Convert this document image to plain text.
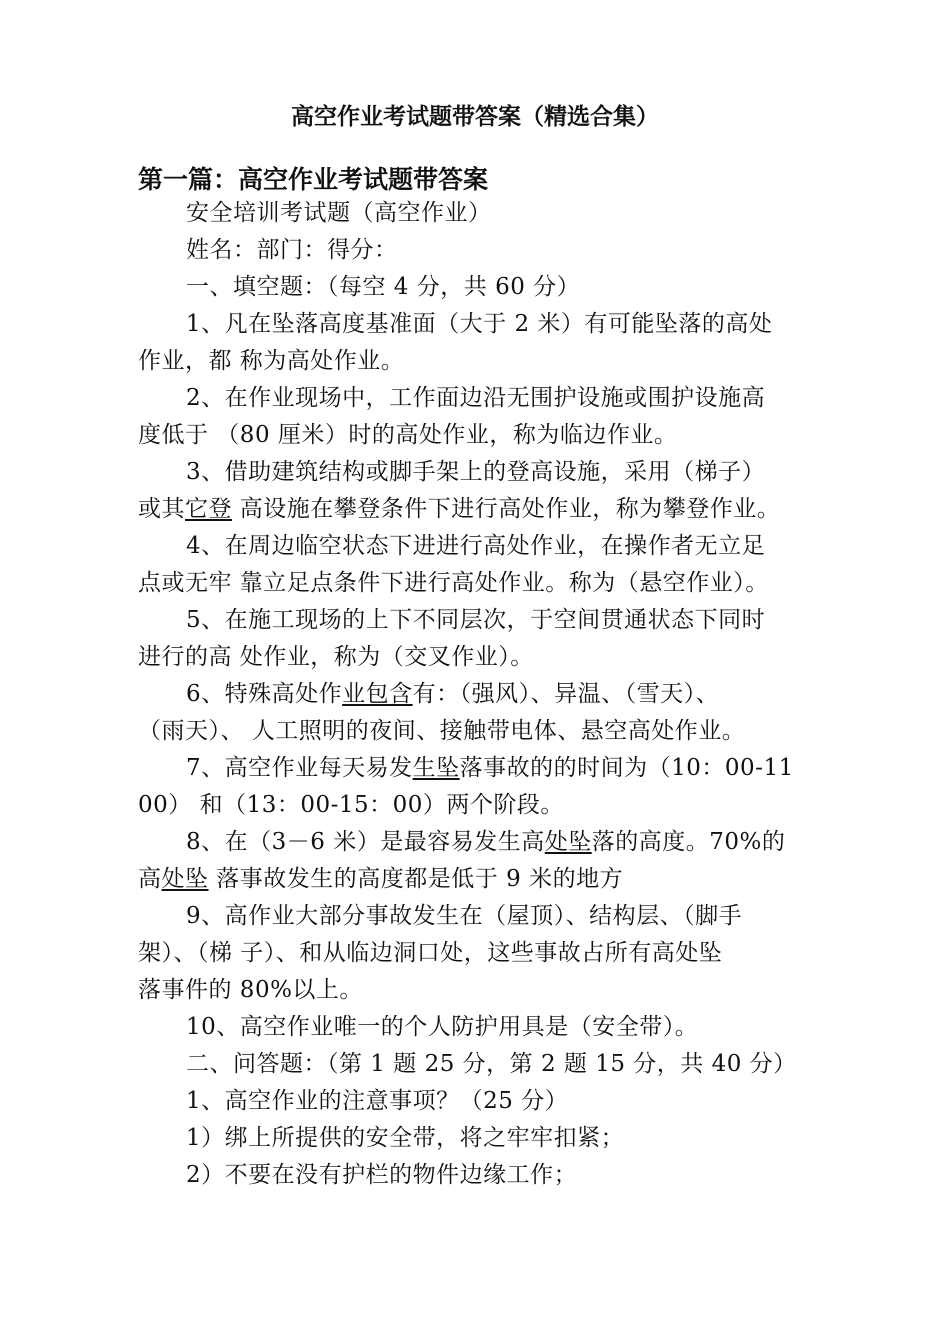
高空作业考试题带答案（精选合集）
第一篇：高空作业考试题带答案
安全培训考试题（高空作业）
姓名：部门：得分：
一、填空题：（每空 4 分，共 60 分）
1、凡在坠落高度基准面（大于 2 米）有可能坠落的高处
作业，都 称为高处作业。
2、在作业现场中，工作面边沿无围护设施或围护设施高
度低于 （80 厘米）时的高处作业，称为临边作业。
3、借助建筑结构或脚手架上的登高设施，采用（梯子）
或其它登 高设施在攀登条件下进行高处作业，称为攀登作业。
4、在周边临空状态下进进行高处作业，在操作者无立足
点或无牢 靠立足点条件下进行高处作业。称为（悬空作业）。
5、在施工现场的上下不同层次，于空间贯通状态下同时
进行的高 处作业，称为（交叉作业）。
6、特殊高处作业包含有：（强风）、异温、（雪天）、
（雨天）、 人工照明的夜间、接触带电体、悬空高处作业。
7、高空作业每天易发生坠落事故的的时间为（10：00-11
00） 和（13：00-15：00）两个阶段。
8、在（3－6 米）是最容易发生高处坠落的高度。70%的
高处坠 落事故发生的高度都是低于 9 米的地方
9、高作业大部分事故发生在（屋顶）、结构层、（脚手
架）、（梯 子）、和从临边洞口处，这些事故占所有高处坠
落事件的 80%以上。
10、高空作业唯一的个人防护用具是（安全带）。
二、问答题：（第 1 题 25 分，第 2 题 15 分，共 40 分）
1、高空作业的注意事项？（25 分）
1）绑上所提供的安全带，将之牢牢扣紧；
2）不要在没有护栏的物件边缘工作；
